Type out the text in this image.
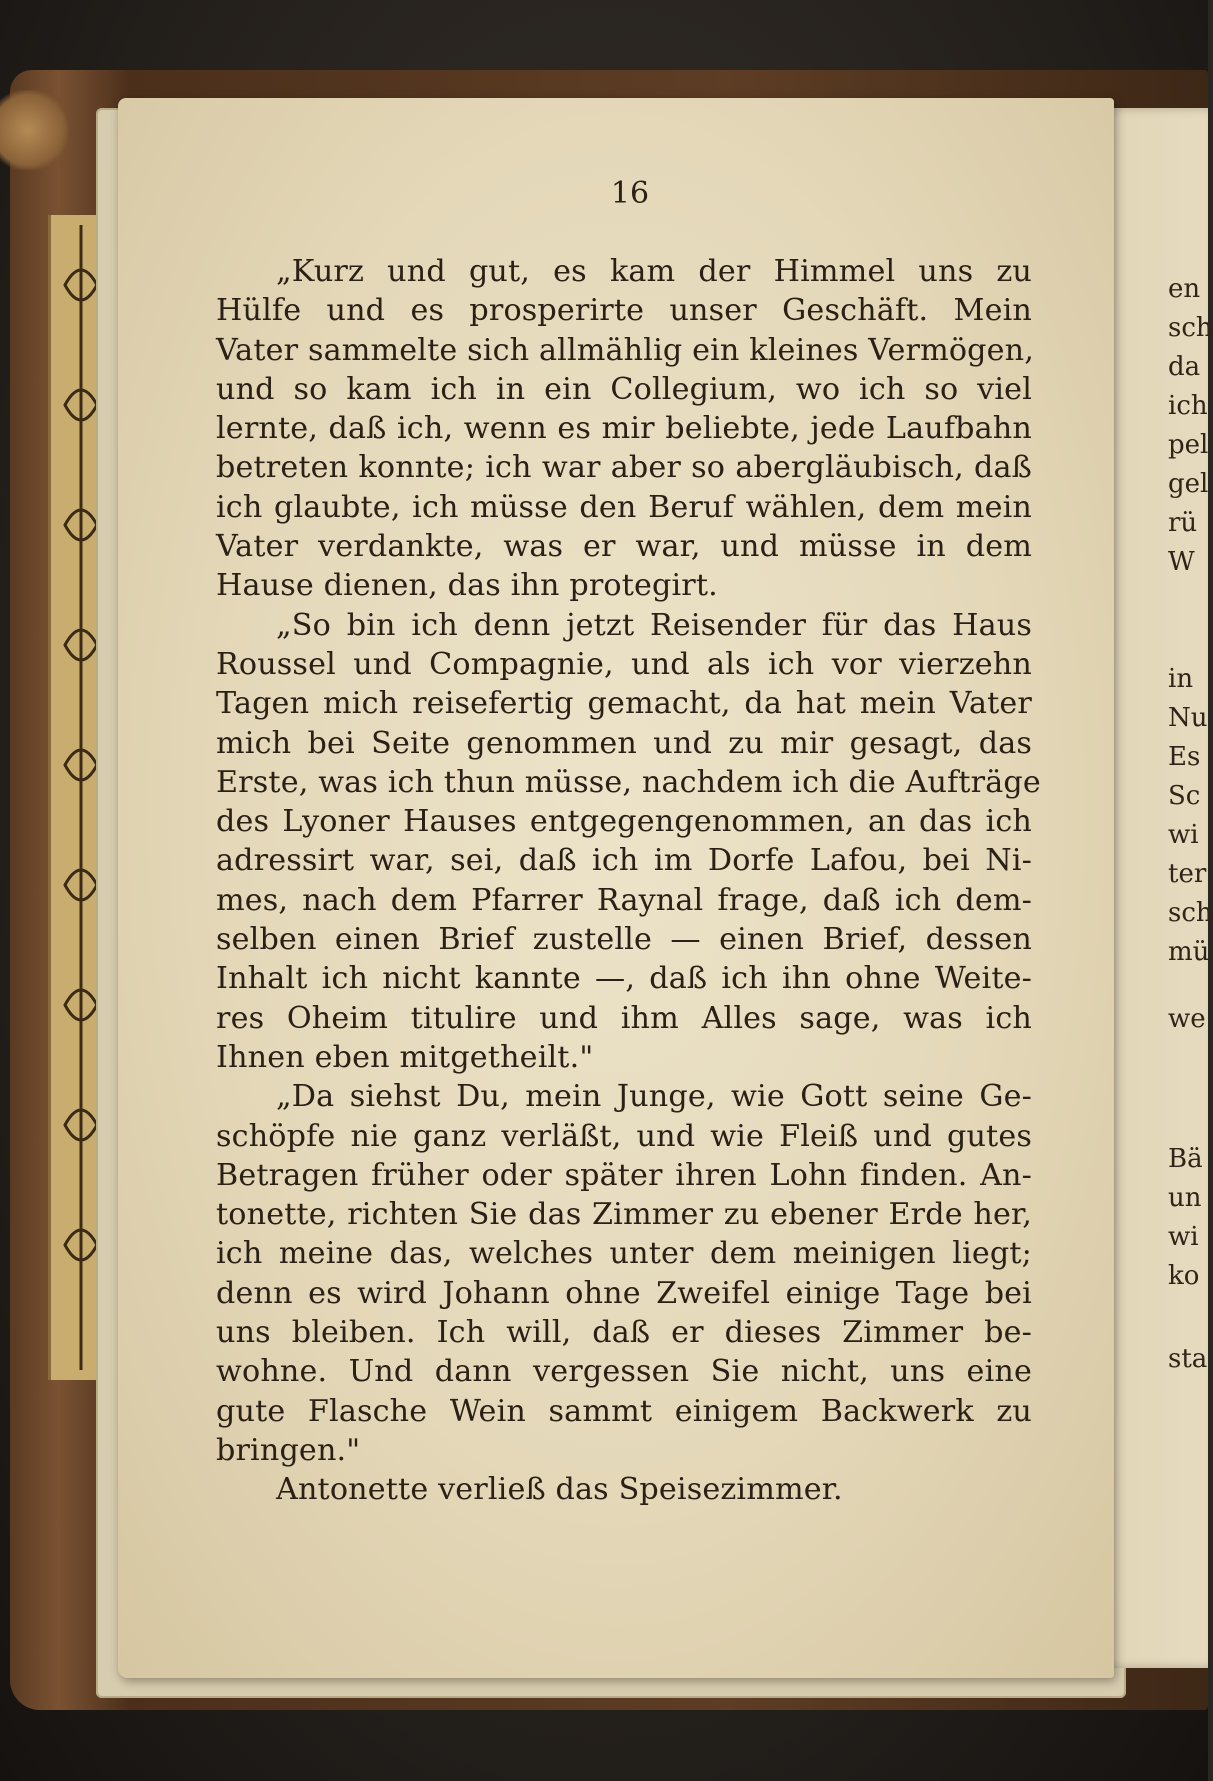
en
sch
da
ich
pel
gel
rü
W
in
Nu
Es
Sc
wi
ter
sch
mü
we
Bä
un
wi
ko
sta
16
„Kurz und gut, es kam der Himmel uns zu
Hülfe und es prosperirte unser Geschäft. Mein
Vater sammelte sich allmählig ein kleines Vermögen,
und so kam ich in ein Collegium, wo ich so viel
lernte, daß ich, wenn es mir beliebte, jede Laufbahn
betreten konnte; ich war aber so abergläubisch, daß
ich glaubte, ich müsse den Beruf wählen, dem mein
Vater verdankte, was er war, und müsse in dem
Hause dienen, das ihn protegirt.
„So bin ich denn jetzt Reisender für das Haus
Roussel und Compagnie, und als ich vor vierzehn
Tagen mich reisefertig gemacht, da hat mein Vater
mich bei Seite genommen und zu mir gesagt, das
Erste, was ich thun müsse, nachdem ich die Aufträge
des Lyoner Hauses entgegengenommen, an das ich
adressirt war, sei, daß ich im Dorfe Lafou, bei Ni-
mes, nach dem Pfarrer Raynal frage, daß ich dem-
selben einen Brief zustelle — einen Brief, dessen
Inhalt ich nicht kannte —, daß ich ihn ohne Weite-
res Oheim titulire und ihm Alles sage, was ich
Ihnen eben mitgetheilt."
„Da siehst Du, mein Junge, wie Gott seine Ge-
schöpfe nie ganz verläßt, und wie Fleiß und gutes
Betragen früher oder später ihren Lohn finden. An-
tonette, richten Sie das Zimmer zu ebener Erde her,
ich meine das, welches unter dem meinigen liegt;
denn es wird Johann ohne Zweifel einige Tage bei
uns bleiben. Ich will, daß er dieses Zimmer be-
wohne. Und dann vergessen Sie nicht, uns eine
gute Flasche Wein sammt einigem Backwerk zu
bringen."
Antonette verließ das Speisezimmer.
